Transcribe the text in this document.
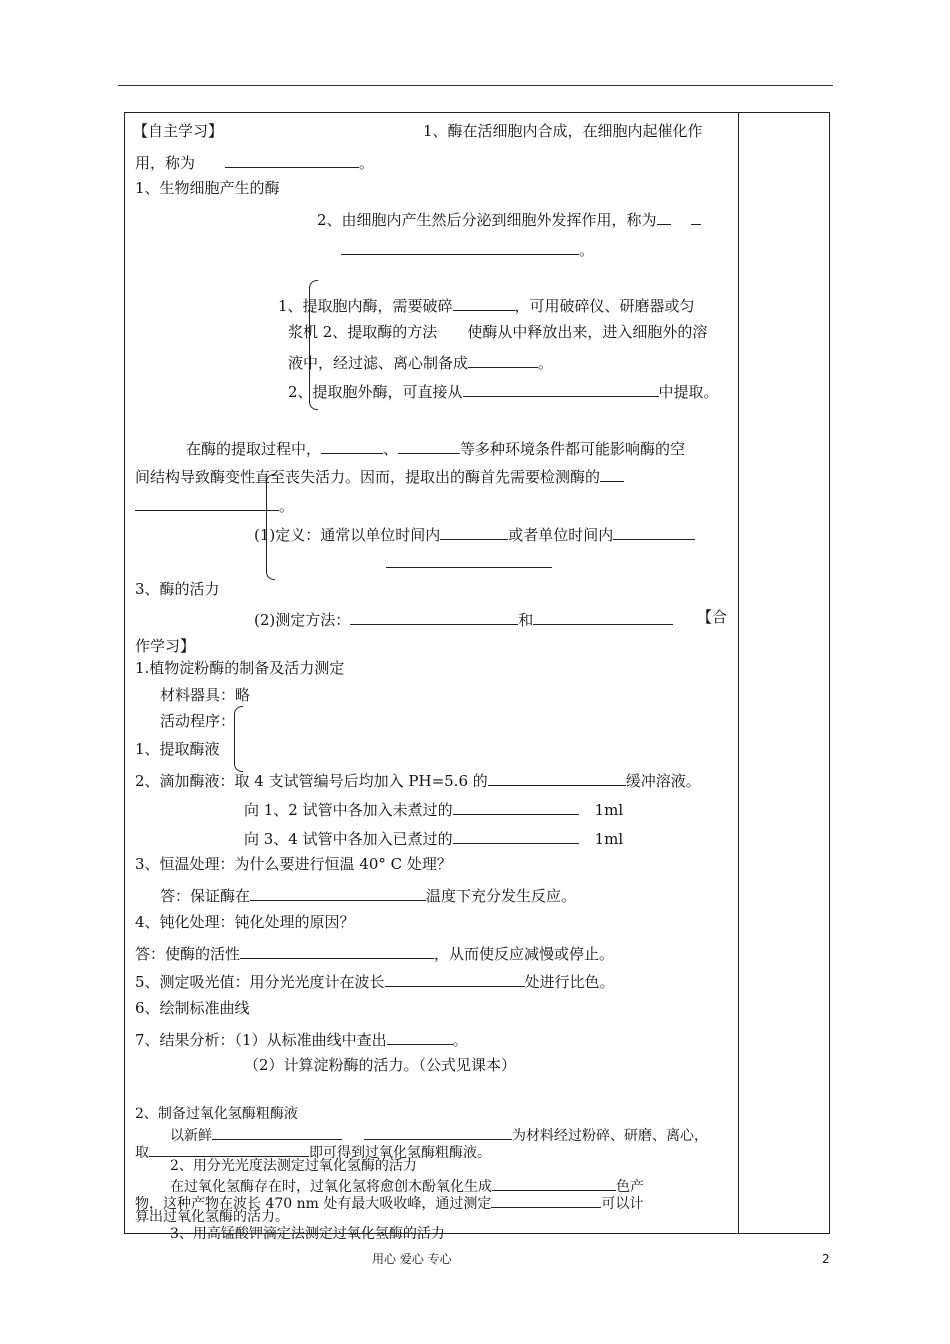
【自主学习】	1、酶在活细胞内合成，在细胞内起催化作
用，称为	。
1、生物细胞产生的酶
2、由细胞内产生然后分泌到细胞外发挥作用，称为
。
1、提取胞内酶，需要破碎	，可用破碎仪、研磨器或匀
浆机 2、提取酶的方法　　使酶从中释放出来，进入细胞外的溶
液中，经过滤、离心制备成	。
2、提取胞外酶，可直接从	中提取。
在酶的提取过程中，	、	等多种环境条件都可能影响酶的空
间结构导致酶变性直至丧失活力。因而，提取出的酶首先需要检测酶的
。
(1)定义：通常以单位时间内	或者单位时间内
3、酶的活力
(2)测定方法：	和	【合
作学习】
1.植物淀粉酶的制备及活力测定
材料器具：略
活动程序：
1、提取酶液
2、滴加酶液：取 4 支试管编号后均加入 PH=5.6 的	缓冲溶液。
向 1、2 试管中各加入未煮过的	1ml
向 3、4 试管中各加入已煮过的	1ml
3、恒温处理：为什么要进行恒温 40° C 处理？
答：保证酶在	温度下充分发生反应。
4、钝化处理：钝化处理的原因？
答：使酶的活性	，从而使反应减慢或停止。
5、测定吸光值：用分光光度计在波长	处进行比色。
6、绘制标准曲线
7、结果分析：（1）从标准曲线中查出	。
（2）计算淀粉酶的活力。（公式见课本）
2、制备过氧化氢酶粗酶液
以新鲜	为材料经过粉碎、研磨、离心，
取	即可得到过氧化氢酶粗酶液。
2、用分光光度法测定过氧化氢酶的活力
在过氧化氢酶存在时，过氧化氢将愈创木酚氧化生成	色产
物，这种产物在波长 470 nm 处有最大吸收峰，通过测定	可以计
算出过氧化氢酶的活力。
3、用高锰酸钾滴定法测定过氧化氢酶的活力
用心 爱心 专心	2
